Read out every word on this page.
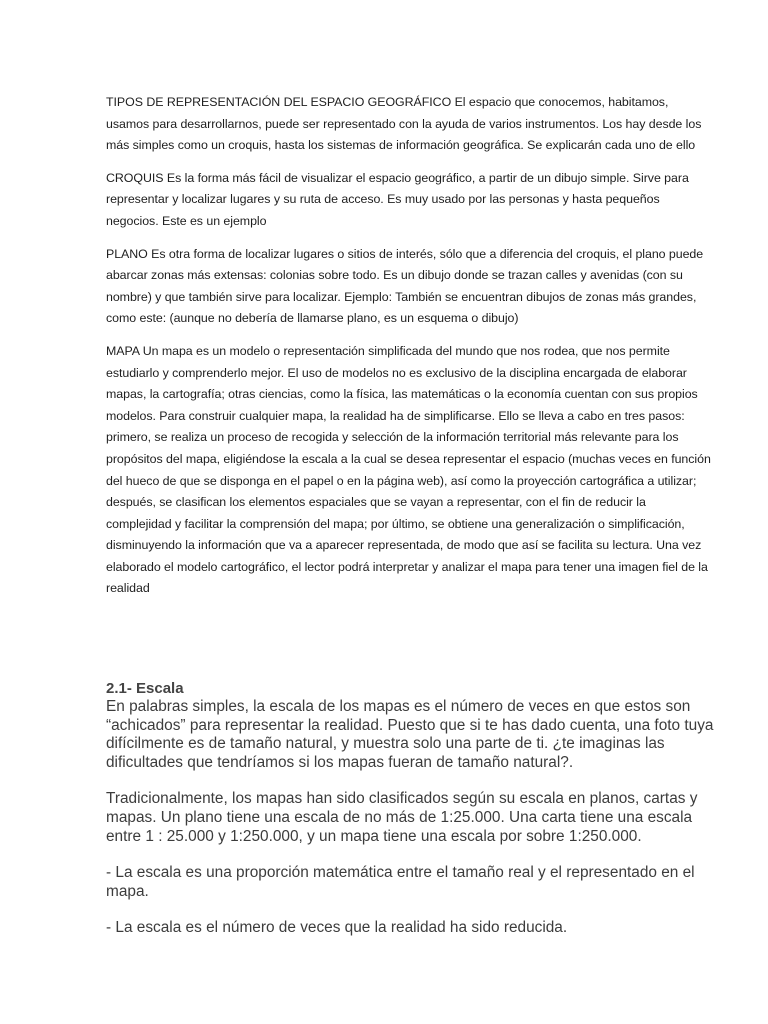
TIPOS DE REPRESENTACIÓN DEL ESPACIO GEOGRÁFICO El espacio que conocemos, habitamos, usamos para desarrollarnos, puede ser representado con la ayuda de varios instrumentos. Los hay desde los más simples como un croquis, hasta los sistemas de información geográfica. Se explicarán cada uno de ello

CROQUIS Es la forma más fácil de visualizar el espacio geográfico, a partir de un dibujo simple. Sirve para representar y localizar lugares y su ruta de acceso. Es muy usado por las personas y hasta pequeños negocios. Este es un ejemplo

PLANO Es otra forma de localizar lugares o sitios de interés, sólo que a diferencia del croquis, el plano puede abarcar zonas más extensas: colonias sobre todo. Es un dibujo donde se trazan calles y avenidas (con su nombre) y que también sirve para localizar. Ejemplo: También se encuentran dibujos de zonas más grandes, como este: (aunque no debería de llamarse plano, es un esquema o dibujo)

MAPA Un mapa es un modelo o representación simplificada del mundo que nos rodea, que nos permite estudiarlo y comprenderlo mejor. El uso de modelos no es exclusivo de la disciplina encargada de elaborar mapas, la cartografía; otras ciencias, como la física, las matemáticas o la economía cuentan con sus propios modelos. Para construir cualquier mapa, la realidad ha de simplificarse. Ello se lleva a cabo en tres pasos: primero, se realiza un proceso de recogida y selección de la información territorial más relevante para los propósitos del mapa, eligiéndose la escala a la cual se desea representar el espacio (muchas veces en función del hueco de que se disponga en el papel o en la página web), así como la proyección cartográfica a utilizar; después, se clasifican los elementos espaciales que se vayan a representar, con el fin de reducir la complejidad y facilitar la comprensión del mapa; por último, se obtiene una generalización o simplificación, disminuyendo la información que va a aparecer representada, de modo que así se facilita su lectura. Una vez elaborado el modelo cartográfico, el lector podrá interpretar y analizar el mapa para tener una imagen fiel de la realidad

2.1- Escala

En palabras simples, la escala de los mapas es el número de veces en que estos son “achicados” para representar la realidad. Puesto que si te has dado cuenta, una foto tuya difícilmente es de tamaño natural, y muestra solo una parte de ti. ¿te imaginas las dificultades que tendríamos si los mapas fueran de tamaño natural?.

Tradicionalmente, los mapas han sido clasificados según su escala en planos, cartas y mapas. Un plano tiene una escala de no más de 1:25.000. Una carta tiene una escala entre 1 : 25.000 y 1:250.000, y un mapa tiene una escala por sobre 1:250.000.

- La escala es una proporción matemática entre el tamaño real y el representado en el mapa.

- La escala es el número de veces que la realidad ha sido reducida.
